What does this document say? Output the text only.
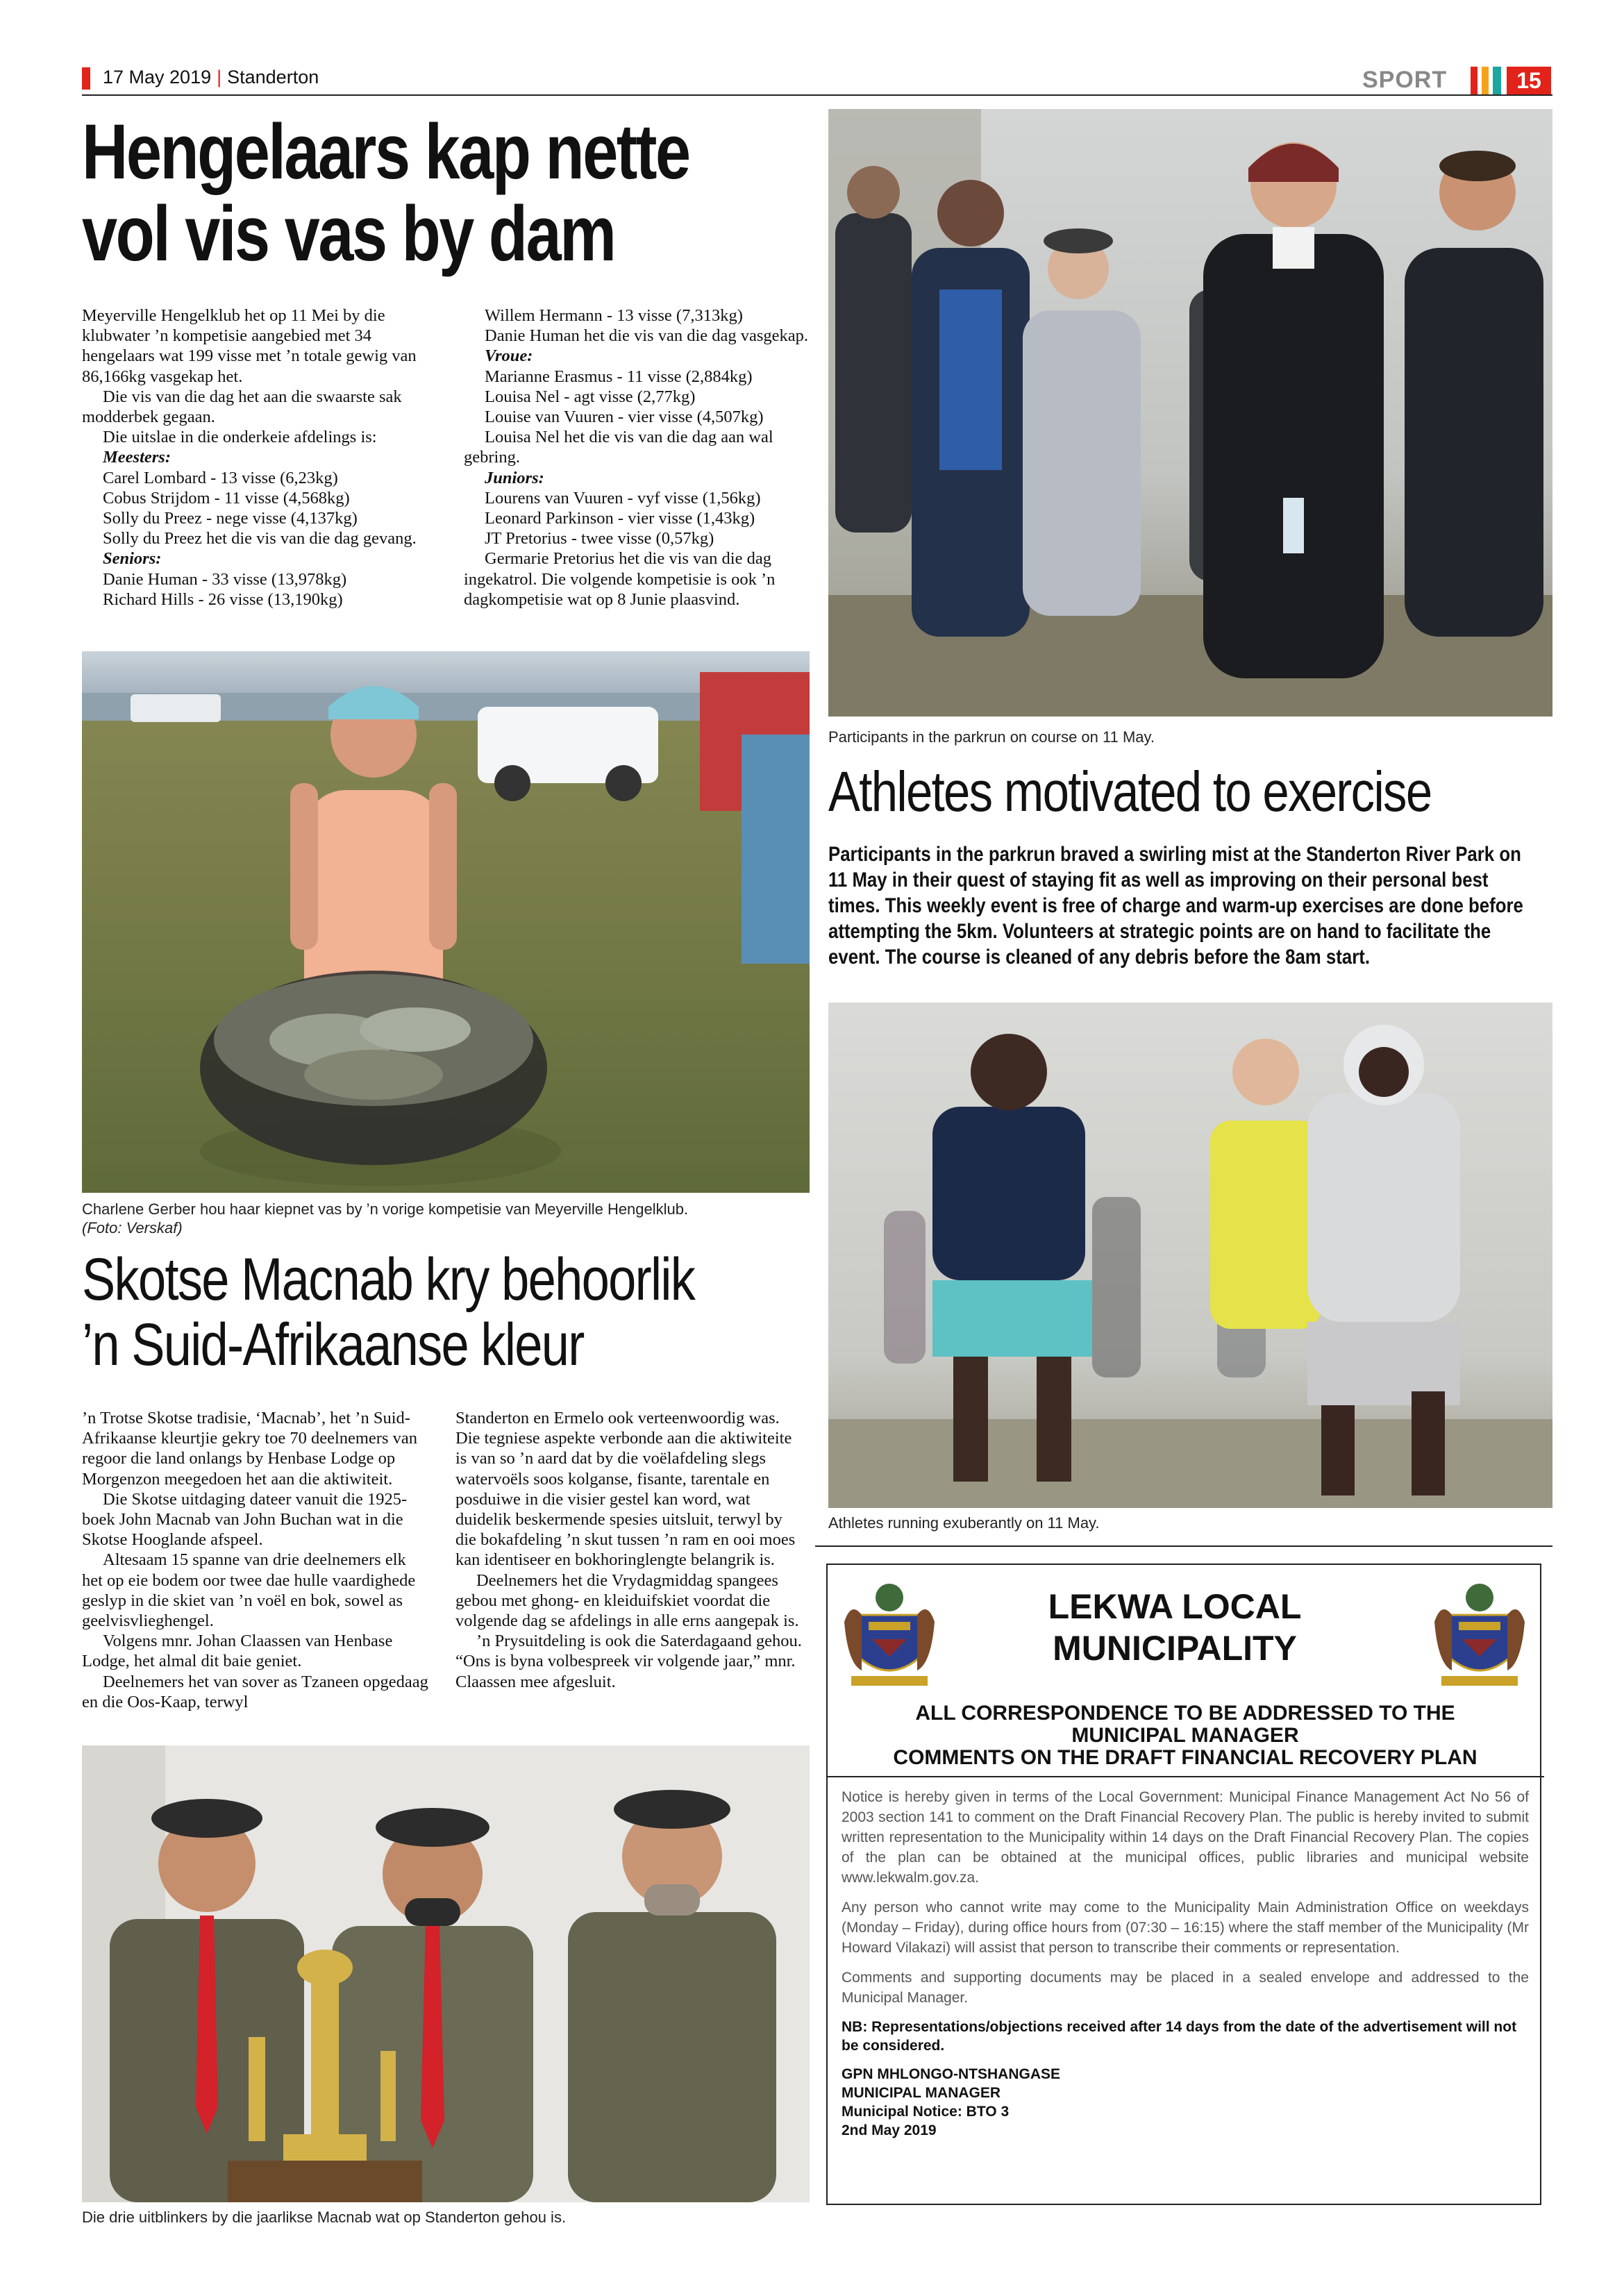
17 May 2019 | Standerton	SPORT	15
Hengelaars kap nette
vol vis vas by dam
Meyerville Hengelklub het op 11 Mei by die klubwater ’n kompetisie aangebied met 34 hengelaars wat 199 visse met ’n totale gewig van 86,166kg vasgekap het.
Die vis van die dag het aan die swaarste sak modderbek gegaan.
Die uitslae in die onderkeie afdelings is:
Meesters:
Carel Lombard - 13 visse (6,23kg)
Cobus Strijdom - 11 visse (4,568kg)
Solly du Preez - nege visse (4,137kg)
Solly du Preez het die vis van die dag gevang.
Seniors:
Danie Human - 33 visse (13,978kg)
Richard Hills - 26 visse (13,190kg)
Willem Hermann - 13 visse (7,313kg)
Danie Human het die vis van die dag vasgekap.
Vroue:
Marianne Erasmus - 11 visse (2,884kg)
Louisa Nel - agt visse (2,77kg)
Louise van Vuuren - vier visse (4,507kg)
Louisa Nel het die vis van die dag aan wal gebring.
Juniors:
Lourens van Vuuren - vyf visse (1,56kg)
Leonard Parkinson - vier visse (1,43kg)
JT Pretorius - twee visse (0,57kg)
Germarie Pretorius het die vis van die dag ingekatrol. Die volgende kompetisie is ook ’n dagkompetisie wat op 8 Junie plaasvind.
Charlene Gerber hou haar kiepnet vas by ’n vorige kompetisie van Meyerville Hengelklub.
(Foto: Verskaf)
Skotse Macnab kry behoorlik
’n Suid-Afrikaanse kleur
’n Trotse Skotse tradisie, ‘Macnab’, het ’n Suid-Afrikaanse kleurtjie gekry toe 70 deelnemers van regoor die land onlangs by Henbase Lodge op Morgenzon meegedoen het aan die aktiwiteit.
Die Skotse uitdaging dateer vanuit die 1925-boek John Macnab van John Buchan wat in die Skotse Hooglande afspeel.
Altesaam 15 spanne van drie deelnemers elk het op eie bodem oor twee dae hulle vaardighede geslyp in die skiet van ’n voël en bok, sowel as geelvisvlieghengel.
Volgens mnr. Johan Claassen van Henbase Lodge, het almal dit baie geniet.
Deelnemers het van sover as Tzaneen opgedaag en die Oos-Kaap, terwyl
Standerton en Ermelo ook verteenwoordig was. Die tegniese aspekte verbonde aan die aktiwiteite is van so ’n aard dat by die voëlafdeling slegs watervoëls soos kolganse, fisante, tarentale en posduiwe in die visier gestel kan word, wat duidelik beskermende spesies uitsluit, terwyl by die bokafdeling ’n skut tussen ’n ram en ooi moes kan identiseer en bokhoringlengte belangrik is.
Deelnemers het die Vrydagmiddag spangees gebou met ghong- en kleiduifskiet voordat die volgende dag se afdelings in alle erns aangepak is.
’n Prysuitdeling is ook die Saterdagaand gehou. “Ons is byna volbespreek vir volgende jaar,” mnr. Claassen mee afgesluit.
Die drie uitblinkers by die jaarlikse Macnab wat op Standerton gehou is.
Participants in the parkrun on course on 11 May.
Athletes motivated to exercise
Participants in the parkrun braved a swirling mist at the Standerton River Park on 11 May in their quest of staying fit as well as improving on their personal best times. This weekly event is free of charge and warm-up exercises are done before attempting the 5km. Volunteers at strategic points are on hand to facilitate the event. The course is cleaned of any debris before the 8am start.
Athletes running exuberantly on 11 May.
LEKWA LOCAL
MUNICIPALITY
ALL CORRESPONDENCE TO BE ADDRESSED TO THE
MUNICIPAL MANAGER
COMMENTS ON THE DRAFT FINANCIAL RECOVERY PLAN

Notice is hereby given in terms of the Local Government: Municipal Finance Management Act No 56 of 2003 section 141 to comment on the Draft Financial Recovery Plan. The public is hereby invited to submit written representation to the Municipality within 14 days on the Draft Financial Recovery Plan. The copies of the plan can be obtained at the municipal offices, public libraries and municipal website www.lekwalm.gov.za.

Any person who cannot write may come to the Municipality Main Administration Office on weekdays (Monday – Friday), during office hours from (07:30 – 16:15) where the staff member of the Municipality (Mr Howard Vilakazi) will assist that person to transcribe their comments or representation.

Comments and supporting documents may be placed in a sealed envelope and addressed to the Municipal Manager.

NB: Representations/objections received after 14 days from the date of the advertisement will not be considered.
GPN MHLONGO-NTSHANGASE
MUNICIPAL MANAGER
Municipal Notice: BTO 3
2nd May 2019
